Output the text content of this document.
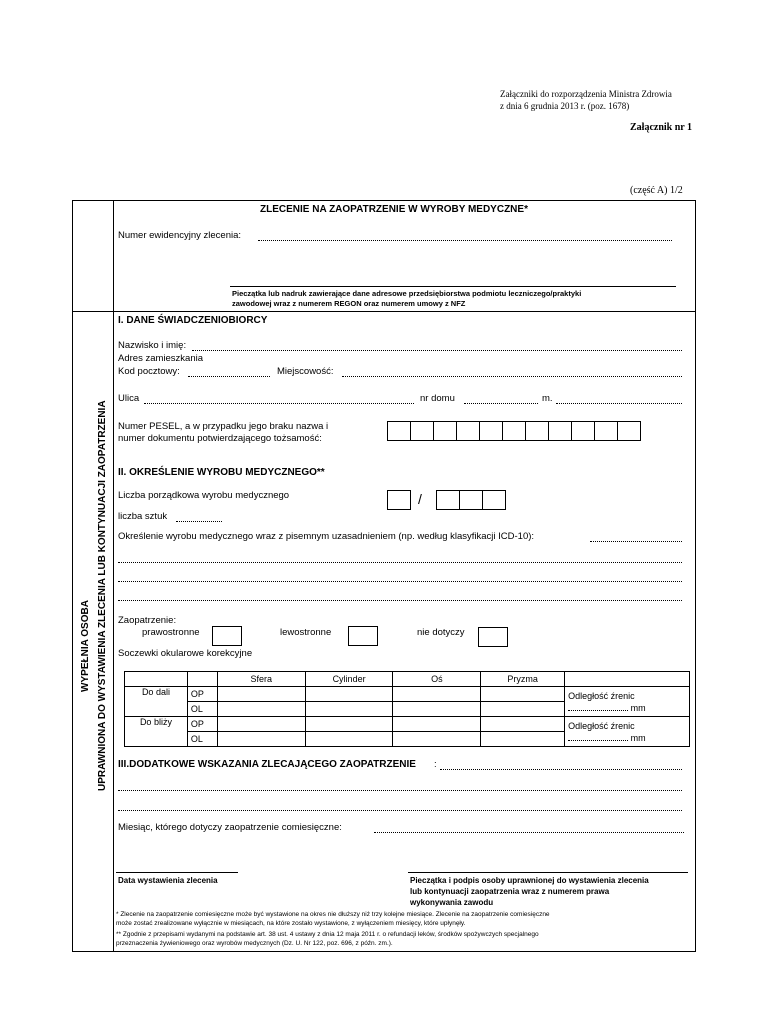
Załączniki do rozporządzenia Ministra Zdrowia
z dnia 6 grudnia 2013 r. (poz. 1678)
Załącznik nr 1
(część A) 1/2
WYPEŁNIA OSOBA UPRAWNIONA DO WYSTAWIENIA ZLECENIA LUB KONTYNUACJI ZAOPATRZENIA
ZLECENIE NA ZAOPATRZENIE W WYROBY MEDYCZNE*
Numer ewidencyjny zlecenia:
Pieczątka lub nadruk zawierające dane adresowe przedsiębiorstwa podmiotu leczniczego/praktyki
zawodowej wraz z numerem REGON oraz numerem umowy z NFZ
I. DANE ŚWIADCZENIOBIORCY
Nazwisko i imię:
Adres zamieszkania
Kod pocztowy:	Miejscowość:
Ulica	nr domu	m.
Numer PESEL, a w przypadku jego braku nazwa i
numer dokumentu potwierdzającego tożsamość:
II. OKREŚLENIE WYROBU MEDYCZNEGO**
Liczba porządkowa wyrobu medycznego	/
liczba sztuk
Określenie wyrobu medycznego wraz z pisemnym uzasadnieniem (np. według klasyfikacji ICD-10):
Zaopatrzenie:
prawostronne	lewostronne	nie dotyczy
Soczewki okularowe korekcyjne
		Sfera	Cylinder	Oś	Pryzma	
Do dali	OP					Odległość źrenic
mm
	OL					
Do bliży	OP					Odległość źrenic
mm
	OL					
III.DODATKOWE WSKAZANIA ZLECAJĄCEGO ZAOPATRZENIE :
Miesiąc, którego dotyczy zaopatrzenie comiesięczne:
Data wystawienia zlecenia	Pieczątka i podpis osoby uprawnionej do wystawienia zlecenia
lub kontynuacji zaopatrzenia wraz z numerem prawa
wykonywania zawodu
* Zlecenie na zaopatrzenie comiesięczne może być wystawione na okres nie dłuższy niż trzy kolejne miesiące. Zlecenie na zaopatrzenie comiesięczne
może zostać zrealizowane wyłącznie w miesiącach, na które zostało wystawione, z wyłączeniem miesięcy, które upłynęły.
** Zgodnie z przepisami wydanymi na podstawie art. 38 ust. 4 ustawy z dnia 12 maja 2011 r. o refundacji leków, środków spożywczych specjalnego
przeznaczenia żywieniowego oraz wyrobów medycznych (Dz. U. Nr 122, poz. 696, z późn. zm.).
